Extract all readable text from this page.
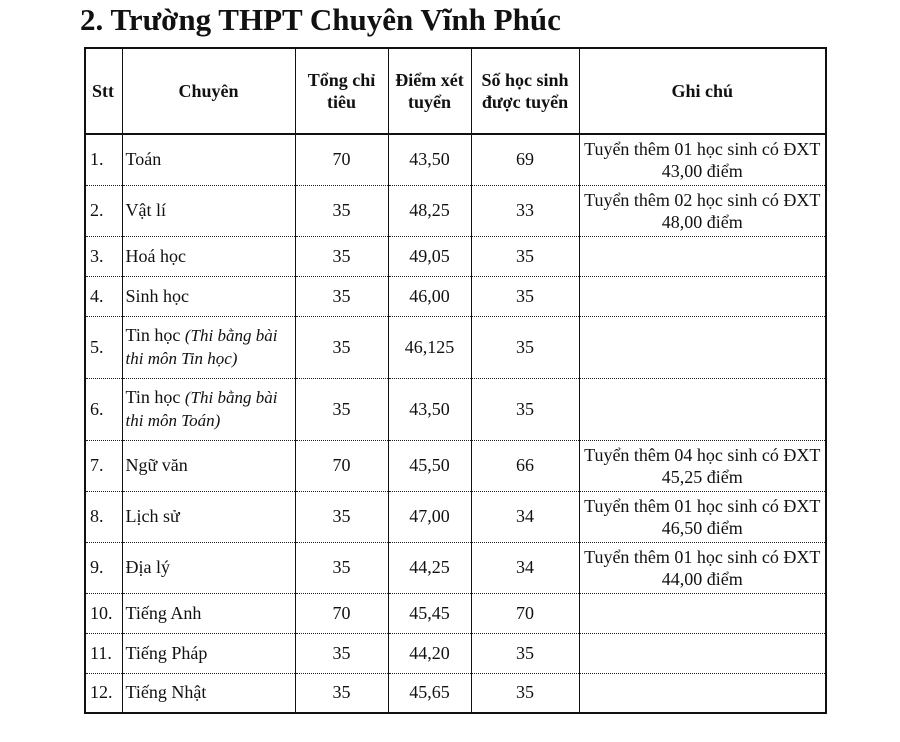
2. Trường THPT Chuyên Vĩnh Phúc
Stt	Chuyên	Tổng chỉ tiêu	Điểm xét tuyển	Số học sinh được tuyển	Ghi chú
1.	Toán	70	43,50	69	Tuyển thêm 01 học sinh có ĐXT 43,00 điểm
2.	Vật lí	35	48,25	33	Tuyển thêm 02 học sinh có ĐXT 48,00 điểm
3.	Hoá học	35	49,05	35	
4.	Sinh học	35	46,00	35	
5.	Tin học (Thi bằng bài thi môn Tin học)	35	46,125	35	
6.	Tin học (Thi bằng bài thi môn Toán)	35	43,50	35	
7.	Ngữ văn	70	45,50	66	Tuyển thêm 04 học sinh có ĐXT 45,25 điểm
8.	Lịch sử	35	47,00	34	Tuyển thêm 01 học sinh có ĐXT 46,50 điểm
9.	Địa lý	35	44,25	34	Tuyển thêm 01 học sinh có ĐXT 44,00 điểm
10.	Tiếng Anh	70	45,45	70	
11.	Tiếng Pháp	35	44,20	35	
12.	Tiếng Nhật	35	45,65	35	
